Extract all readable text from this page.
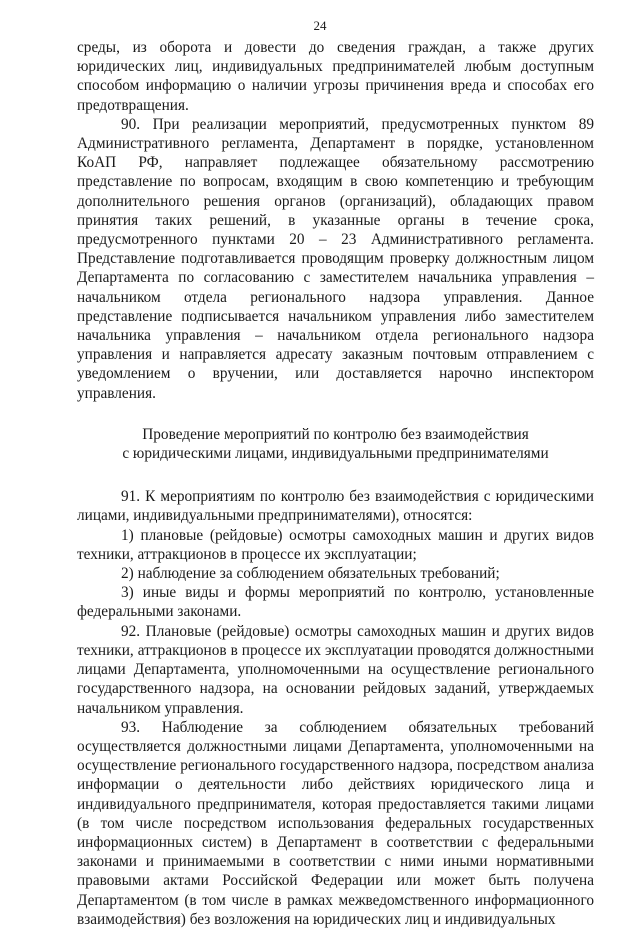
24

среды, из оборота и довести до сведения граждан, а также других юридических лиц, индивидуальных предпринимателей любым доступным способом информацию о наличии угрозы причинения вреда и способах его предотвращения.

90. При реализации мероприятий, предусмотренных пунктом 89 Административного регламента, Департамент в порядке, установленном КоАП РФ, направляет подлежащее обязательному рассмотрению представление по вопросам, входящим в свою компетенцию и требующим дополнительного решения органов (организаций), обладающих правом принятия таких решений, в указанные органы в течение срока, предусмотренного пунктами 20 – 23 Административного регламента. Представление подготавливается проводящим проверку должностным лицом Департамента по согласованию с заместителем начальника управления – начальником отдела регионального надзора управления. Данное представление подписывается начальником управления либо заместителем начальника управления – начальником отдела регионального надзора управления и направляется адресату заказным почтовым отправлением с уведомлением о вручении, или доставляется нарочно инспектором управления.

Проведение мероприятий по контролю без взаимодействия
с юридическими лицами, индивидуальными предпринимателями

91. К мероприятиям по контролю без взаимодействия с юридическими лицами, индивидуальными предпринимателями), относятся:

1) плановые (рейдовые) осмотры самоходных машин и других видов техники, аттракционов в процессе их эксплуатации;

2) наблюдение за соблюдением обязательных требований;

3) иные виды и формы мероприятий по контролю, установленные федеральными законами.

92. Плановые (рейдовые) осмотры самоходных машин и других видов техники, аттракционов в процессе их эксплуатации проводятся должностными лицами Департамента, уполномоченными на осуществление регионального государственного надзора, на основании рейдовых заданий, утверждаемых начальником управления.

93. Наблюдение за соблюдением обязательных требований осуществляется должностными лицами Департамента, уполномоченными на осуществление регионального государственного надзора, посредством анализа информации о деятельности либо действиях юридического лица и индивидуального предпринимателя, которая предоставляется такими лицами (в том числе посредством использования федеральных государственных информационных систем) в Департамент в соответствии с федеральными законами и принимаемыми в соответствии с ними иными нормативными правовыми актами Российской Федерации или может быть получена Департаментом (в том числе в рамках межведомственного информационного взаимодействия) без возложения на юридических лиц и индивидуальных
